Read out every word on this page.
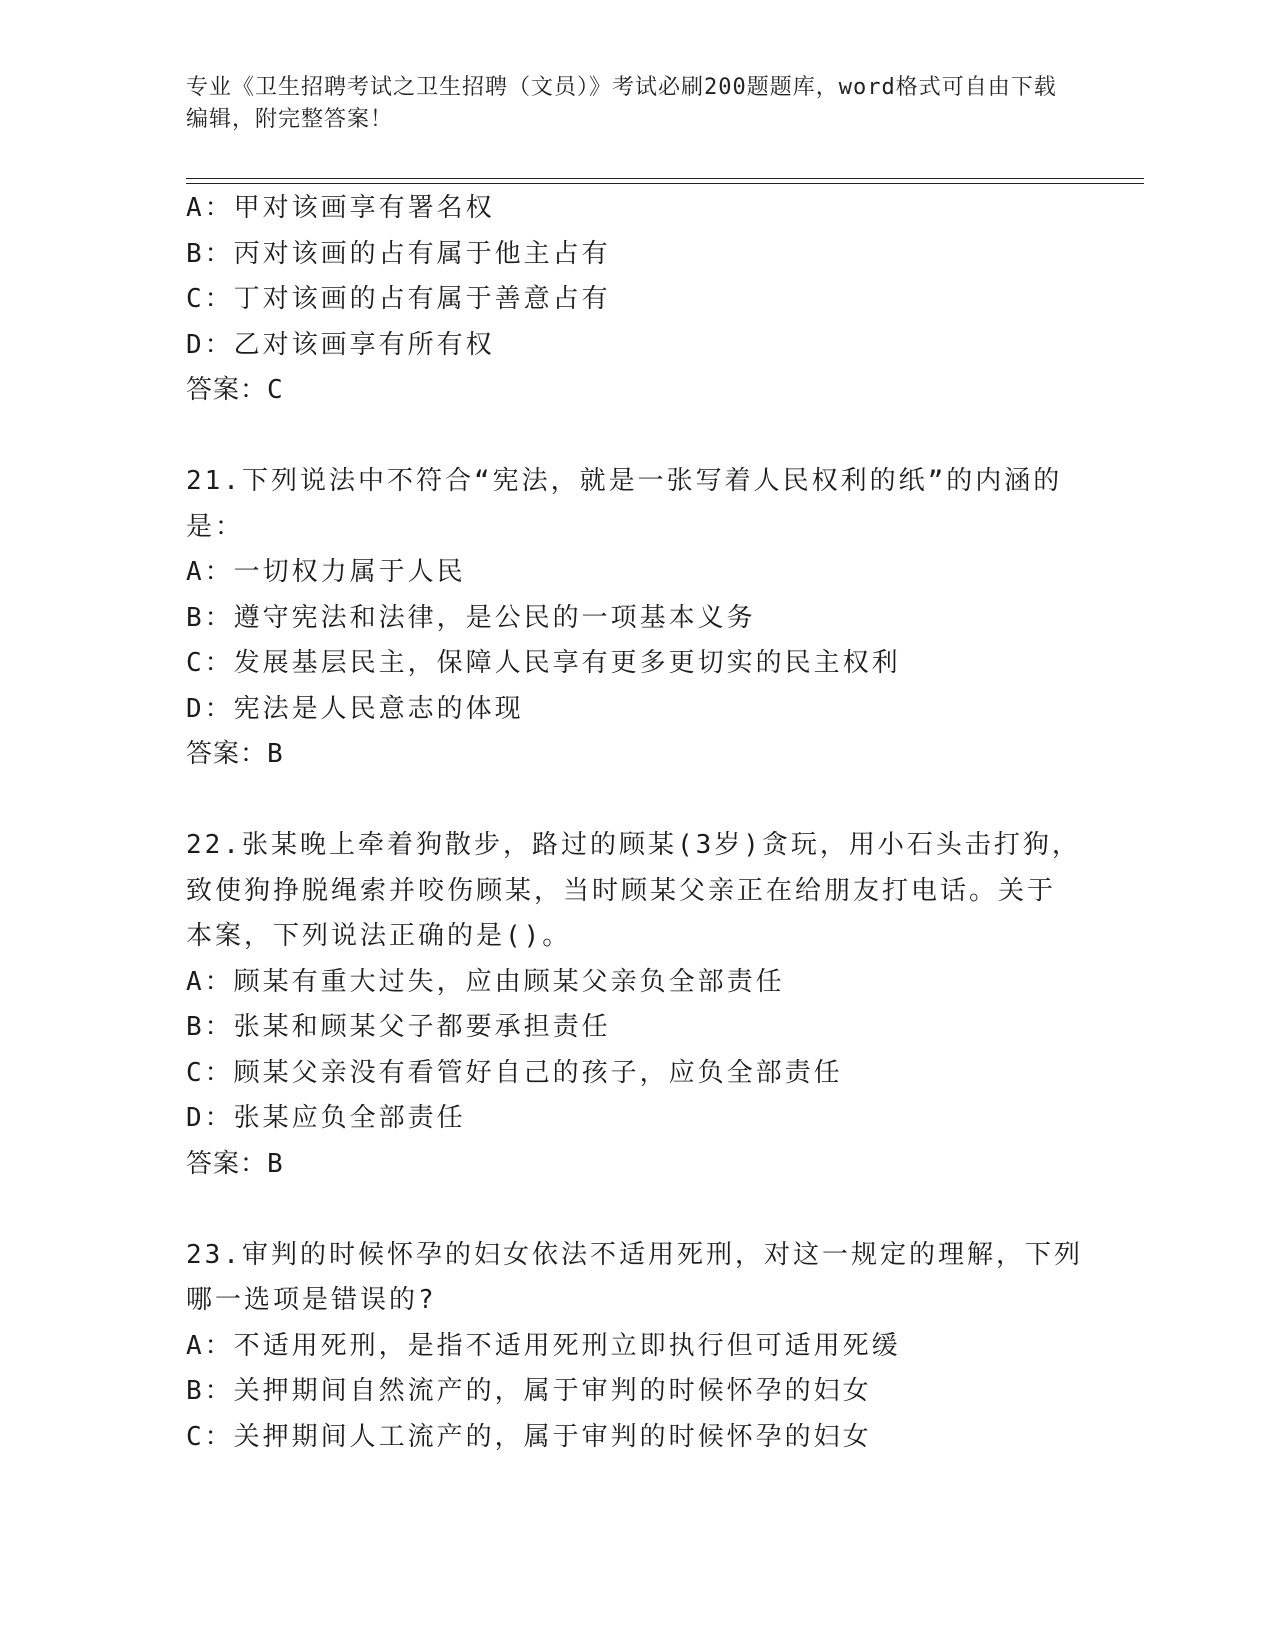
专业《卫生招聘考试之卫生招聘（文员）》考试必刷200题题库，word格式可自由下载编辑，附完整答案！
A：甲对该画享有署名权
B：丙对该画的占有属于他主占有
C：丁对该画的占有属于善意占有
D：乙对该画享有所有权
答案：C
21.下列说法中不符合“宪法，就是一张写着人民权利的纸”的内涵的
是：
A：一切权力属于人民
B：遵守宪法和法律，是公民的一项基本义务
C：发展基层民主，保障人民享有更多更切实的民主权利
D：宪法是人民意志的体现
答案：B
22.张某晚上牵着狗散步，路过的顾某(3岁)贪玩，用小石头击打狗，
致使狗挣脱绳索并咬伤顾某，当时顾某父亲正在给朋友打电话。关于
本案，下列说法正确的是()。
A：顾某有重大过失，应由顾某父亲负全部责任
B：张某和顾某父子都要承担责任
C：顾某父亲没有看管好自己的孩子，应负全部责任
D：张某应负全部责任
答案：B
23.审判的时候怀孕的妇女依法不适用死刑，对这一规定的理解，下列
哪一选项是错误的?
A：不适用死刑，是指不适用死刑立即执行但可适用死缓
B：关押期间自然流产的，属于审判的时候怀孕的妇女
C：关押期间人工流产的，属于审判的时候怀孕的妇女
